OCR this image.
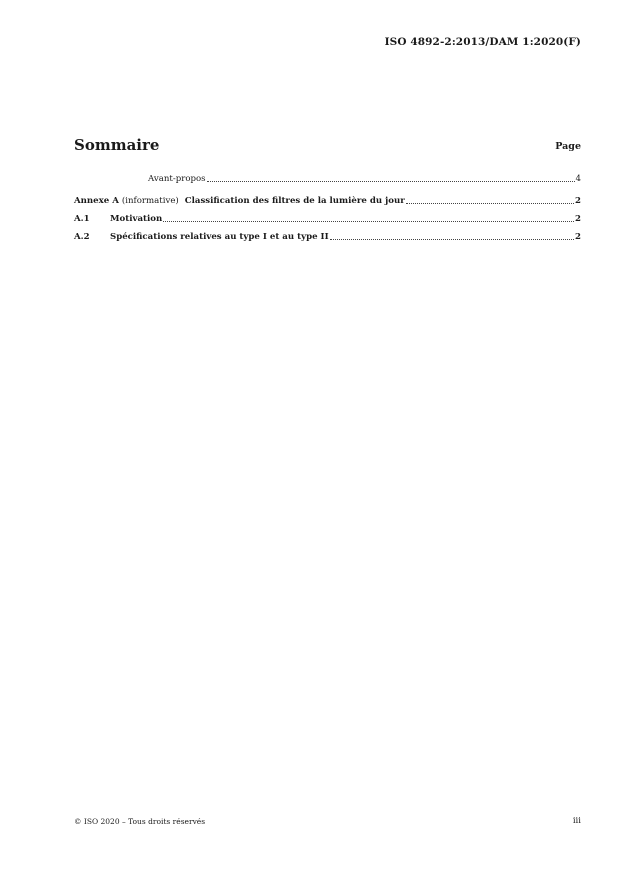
ISO 4892-2:2013/DAM 1:2020(F)
Sommaire	Page
Avant-propos	4
Annexe A (informative) Classification des filtres de la lumière du jour	2
A.1	Motivation	2
A.2	Spécifications relatives au type I et au type II	2
© ISO 2020 – Tous droits réservés	iii
